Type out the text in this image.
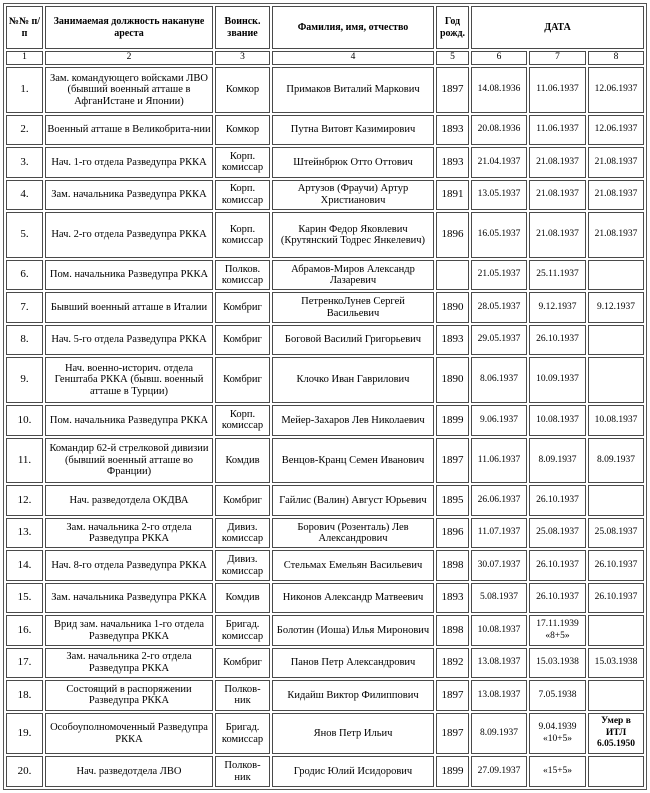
№№ п/п	Занимаемая должность накануне ареста	Воинск. звание	Фамилия, имя, отчество	Год рожд.	ДАТА		
1	2	3	4	5	6	7	8
1.	Зам. командующего войсками ЛВО (бывший военный атташе в АфганИстане и Японии)	Комкор	Примаков Виталий Маркович	1897	14.08.1936	11.06.1937	12.06.1937
2.	Военный атташе в Великобрита-нии	Комкор	Путна Витовт Казимирович	1893	20.08.1936	11.06.1937	12.06.1937
3.	Нач. 1-го отдела Разведупра РККА	Корп. комиссар	Штейнбрюк Отто Оттович	1893	21.04.1937	21.08.1937	21.08.1937
4.	Зам. начальника Разведупра РККА	Корп. комиссар	Артузов (Фраучи) Артур Христианович	1891	13.05.1937	21.08.1937	21.08.1937
5.	Нач. 2-го отдела Разведупра РККА	Корп. комиссар	Карин Федор Яковлевич (Крутянский Тодрес Янкелевич)	1896	16.05.1937	21.08.1937	21.08.1937
6.	Пом. начальника Разведупра РККА	Полков. комиссар	Абрамов-Миров Александр Лазаревич		21.05.1937	25.11.1937	
7.	Бывший военный атташе в Италии	Комбриг	ПетренкоЛунев Сергей Васильевич	1890	28.05.1937	9.12.1937	9.12.1937
8.	Нач. 5-го отдела Разведупра РККА	Комбриг	Боговой Василий Григорьевич	1893	29.05.1937	26.10.1937	
9.	Нач. военно-историч. отдела Генштаба РККА (бывш. военный атташе в Турции)	Комбриг	Клочко Иван Гаврилович	1890	8.06.1937	10.09.1937	
10.	Пом. начальника Разведупра РККА	Корп. комиссар	Мейер-Захаров Лев Николаевич	1899	9.06.1937	10.08.1937	10.08.1937
11.	Командир 62-й стрелковой дивизии (бывший военный атташе во Франции)	Комдив	Венцов-Кранц Семен Иванович	1897	11.06.1937	8.09.1937	8.09.1937
12.	Нач. разведотдела ОКДВА	Комбриг	Гайлис (Валин) Август Юрьевич	1895	26.06.1937	26.10.1937	
13.	Зам. начальника 2-го отдела Разведупра РККА	Дивиз. комиссар	Борович (Розенталь) Лев Александрович	1896	11.07.1937	25.08.1937	25.08.1937
14.	Нач. 8-го отдела Разведупра РККА	Дивиз. комиссар	Стельмах Емельян Васильевич	1898	30.07.1937	26.10.1937	26.10.1937
15.	Зам. начальника Разведупра РККА	Комдив	Никонов Александр Матвеевич	1893	5.08.1937	26.10.1937	26.10.1937
16.	Врид зам. начальника 1-го отдела Разведупра РККА	Бригад. комиссар	Болотин (Иоша) Илья Миронович	1898	10.08.1937	17.11.1939 «8+5»	
17.	Зам. начальника 2-го отдела Разведупра РККА	Комбриг	Панов Петр Александрович	1892	13.08.1937	15.03.1938	15.03.1938
18.	Состоящий в распоряжении Разведупра РККА	Полков-ник	Кидайш Виктор Филиппович	1897	13.08.1937	7.05.1938	
19.	Особоуполномоченный Разведупра РККА	Бригад. комиссар	Янов Петр Ильич	1897	8.09.1937	9.04.1939 «10+5»	Умер в ИТЛ 6.05.1950
20.	Нач. разведотдела ЛВО	Полков-ник	Гродис Юлий Исидорович	1899	27.09.1937	«15+5»	
